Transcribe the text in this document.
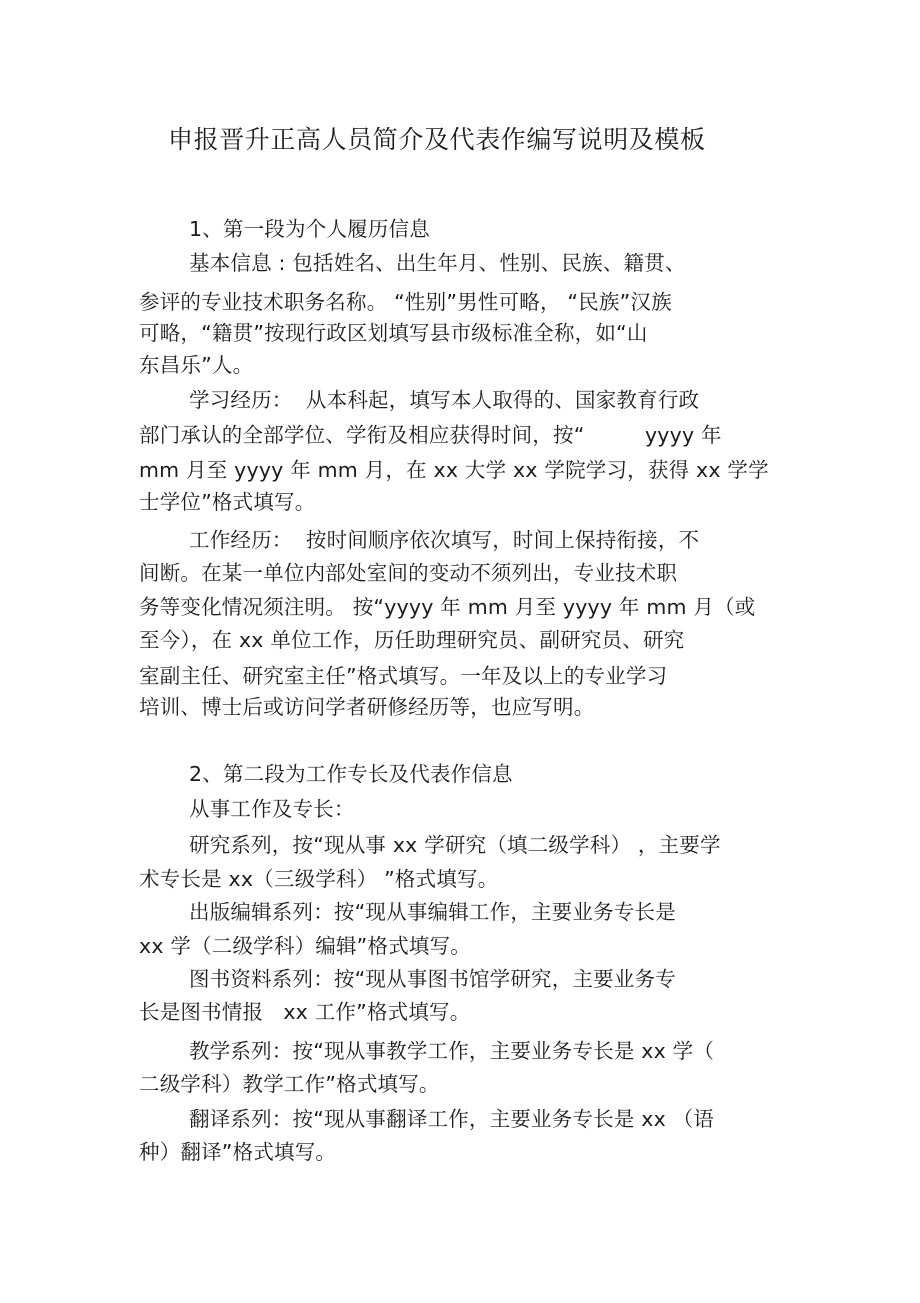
申报晋升正高人员简介及代表作编写说明及模板
1、第一段为个人履历信息
基本信息 : 包括姓名、出生年月、性别、民族、籍贯、
参评的专业技术职务名称。 “性别”男性可略， “民族”汉族
可略，“籍贯”按现行政区划填写县市级标准全称，如“山
东昌乐”人。
学习经历：  从本科起，填写本人取得的、国家教育行政
部门承认的全部学位、学衔及相应获得时间，按“         yyyy 年
mm 月至 yyyy 年 mm 月，在 xx 大学 xx 学院学习，获得 xx 学学
士学位”格式填写。
工作经历：  按时间顺序依次填写，时间上保持衔接，不
间断。在某一单位内部处室间的变动不须列出，专业技术职
务等变化情况须注明。 按“yyyy 年 mm 月至 yyyy 年 mm 月（或
至今），在 xx 单位工作，历任助理研究员、副研究员、研究
室副主任、研究室主任”格式填写。一年及以上的专业学习
培训、博士后或访问学者研修经历等，也应写明。
2、第二段为工作专长及代表作信息
从事工作及专长：
研究系列，按“现从事 xx 学研究（填二级学科） ，主要学
术专长是 xx（三级学科） ”格式填写。
出版编辑系列：按“现从事编辑工作，主要业务专长是
xx 学（二级学科）编辑”格式填写。
图书资料系列：按“现从事图书馆学研究，主要业务专
长是图书情报   xx 工作”格式填写。
教学系列：按“现从事教学工作，主要业务专长是 xx 学（
二级学科）教学工作”格式填写。
翻译系列：按“现从事翻译工作，主要业务专长是 xx （语
种）翻译”格式填写。
